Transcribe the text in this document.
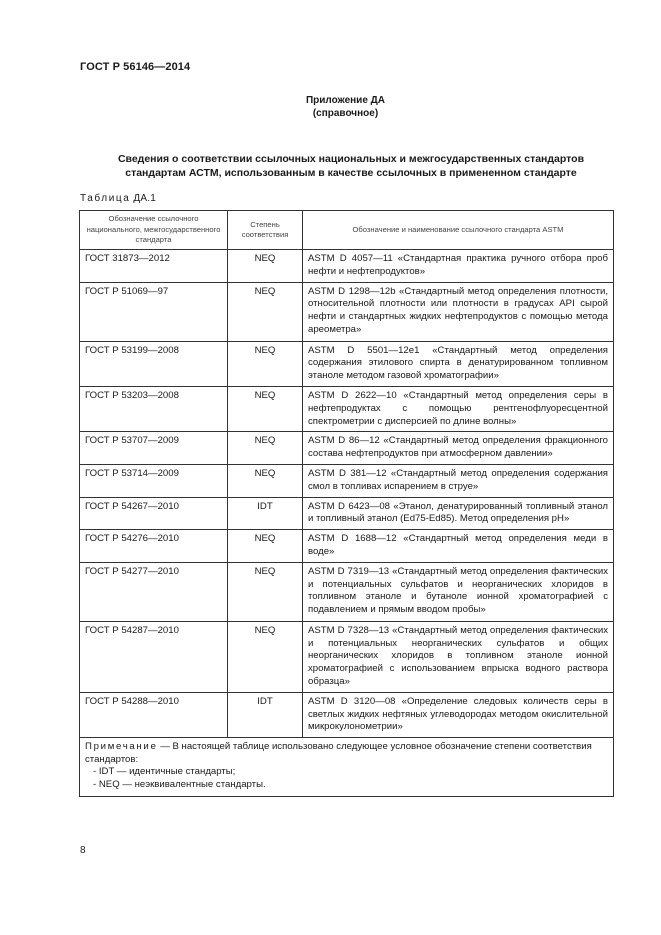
ГОСТ Р 56146—2014
Приложение ДА
(справочное)
Сведения о соответствии ссылочных национальных и межгосударственных стандартов стандартам АСТМ, использованным в качестве ссылочных в примененном стандарте
Таблица ДА.1
Обозначение ссылочного национального, межгосударственного стандарта	Степень соответствия	Обозначение и наименование ссылочного стандарта ASTM
ГОСТ 31873—2012	NEQ	ASTM D 4057—11 «Стандартная практика ручного отбора проб нефти и нефтепродуктов»
ГОСТ Р 51069—97	NEQ	ASTM D 1298—12b «Стандартный метод определения плотности, относительной плотности или плотности в градусах API сырой нефти и стандартных жидких нефтепродуктов с помощью метода ареометра»
ГОСТ Р 53199—2008	NEQ	ASTM D 5501—12e1 «Стандартный метод определения содержания этилового спирта в денатурированном топливном этаноле методом газовой хроматографии»
ГОСТ Р 53203—2008	NEQ	ASTM D 2622—10 «Стандартный метод определения серы в нефтепродуктах с помощью рентгенофлуоресцентной спектрометрии с дисперсией по длине волны»
ГОСТ Р 53707—2009	NEQ	ASTM D 86—12 «Стандартный метод определения фракционного состава нефтепродуктов при атмосферном давлении»
ГОСТ Р 53714—2009	NEQ	ASTM D 381—12 «Стандартный метод определения содержания смол в топливах испарением в струе»
ГОСТ Р 54267—2010	IDT	ASTM D 6423—08 «Этанол, денатурированный топливный этанол и топливный этанол (Ed75-Ed85). Метод определения pH»
ГОСТ Р 54276—2010	NEQ	ASTM D 1688—12 «Стандартный метод определения меди в воде»
ГОСТ Р 54277—2010	NEQ	ASTM D 7319—13 «Стандартный метод определения фактических и потенциальных сульфатов и неорганических хлоридов в топливном этаноле и бутаноле ионной хроматографией с подавлением и прямым вводом пробы»
ГОСТ Р 54287—2010	NEQ	ASTM D 7328—13 «Стандартный метод определения фактических и потенциальных неорганических сульфатов и общих неорганических хлоридов в топливном этаноле ионной хроматографией с использованием впрыска водного раствора образца»
ГОСТ Р 54288—2010	IDT	ASTM D 3120—08 «Определение следовых количеств серы в светлых жидких нефтяных углеводородах методом окислительной микрокулонометрии»

Примечание — В настоящей таблице использовано следующее условное обозначение степени соответствия стандартов:
- IDT — идентичные стандарты;
- NEQ — неэквивалентные стандарты.		
8
